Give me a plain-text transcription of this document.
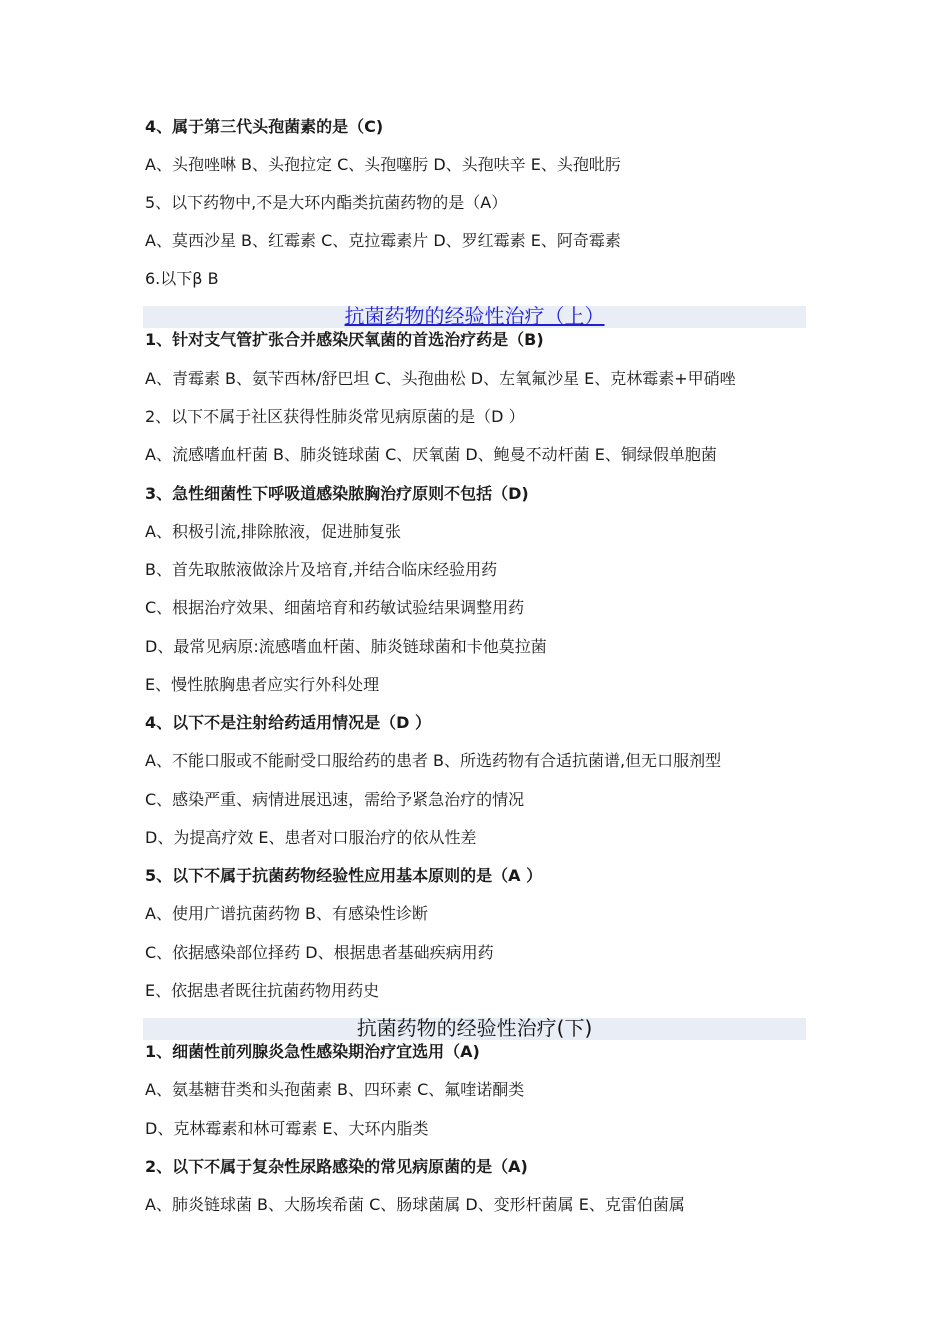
4、属于第三代头孢菌素的是（C)
A、头孢唑啉 B、头孢拉定 C、头孢噻肟 D、头孢呋辛 E、头孢吡肟
5、以下药物中,不是大环内酯类抗菌药物的是（A）
A、莫西沙星 B、红霉素 C、克拉霉素片 D、罗红霉素 E、阿奇霉素
6.以下β B
抗菌药物的经验性治疗（上）
1、针对支气管扩张合并感染厌氧菌的首选治疗药是（B)
A、青霉素 B、氨苄西林/舒巴坦 C、头孢曲松 D、左氧氟沙星 E、克林霉素+甲硝唑
2、以下不属于社区获得性肺炎常见病原菌的是（D ）
A、流感嗜血杆菌 B、肺炎链球菌 C、厌氧菌 D、鲍曼不动杆菌 E、铜绿假单胞菌
3、急性细菌性下呼吸道感染脓胸治疗原则不包括（D)
A、积极引流,排除脓液，促进肺复张
B、首先取脓液做涂片及培育,并结合临床经验用药
C、根据治疗效果、细菌培育和药敏试验结果调整用药
D、最常见病原:流感嗜血杆菌、肺炎链球菌和卡他莫拉菌
E、慢性脓胸患者应实行外科处理
4、以下不是注射给药适用情况是（D ）
A、不能口服或不能耐受口服给药的患者 B、所选药物有合适抗菌谱,但无口服剂型
C、感染严重、病情进展迅速，需给予紧急治疗的情况
D、为提高疗效 E、患者对口服治疗的依从性差
5、以下不属于抗菌药物经验性应用基本原则的是（A ）
A、使用广谱抗菌药物 B、有感染性诊断
C、依据感染部位择药 D、根据患者基础疾病用药
E、依据患者既往抗菌药物用药史
抗菌药物的经验性治疗(下)
1、细菌性前列腺炎急性感染期治疗宜选用（A)
A、氨基糖苷类和头孢菌素 B、四环素 C、氟喹诺酮类
D、克林霉素和林可霉素 E、大环内脂类
2、以下不属于复杂性尿路感染的常见病原菌的是（A)
A、肺炎链球菌 B、大肠埃希菌 C、肠球菌属 D、变形杆菌属 E、克雷伯菌属
